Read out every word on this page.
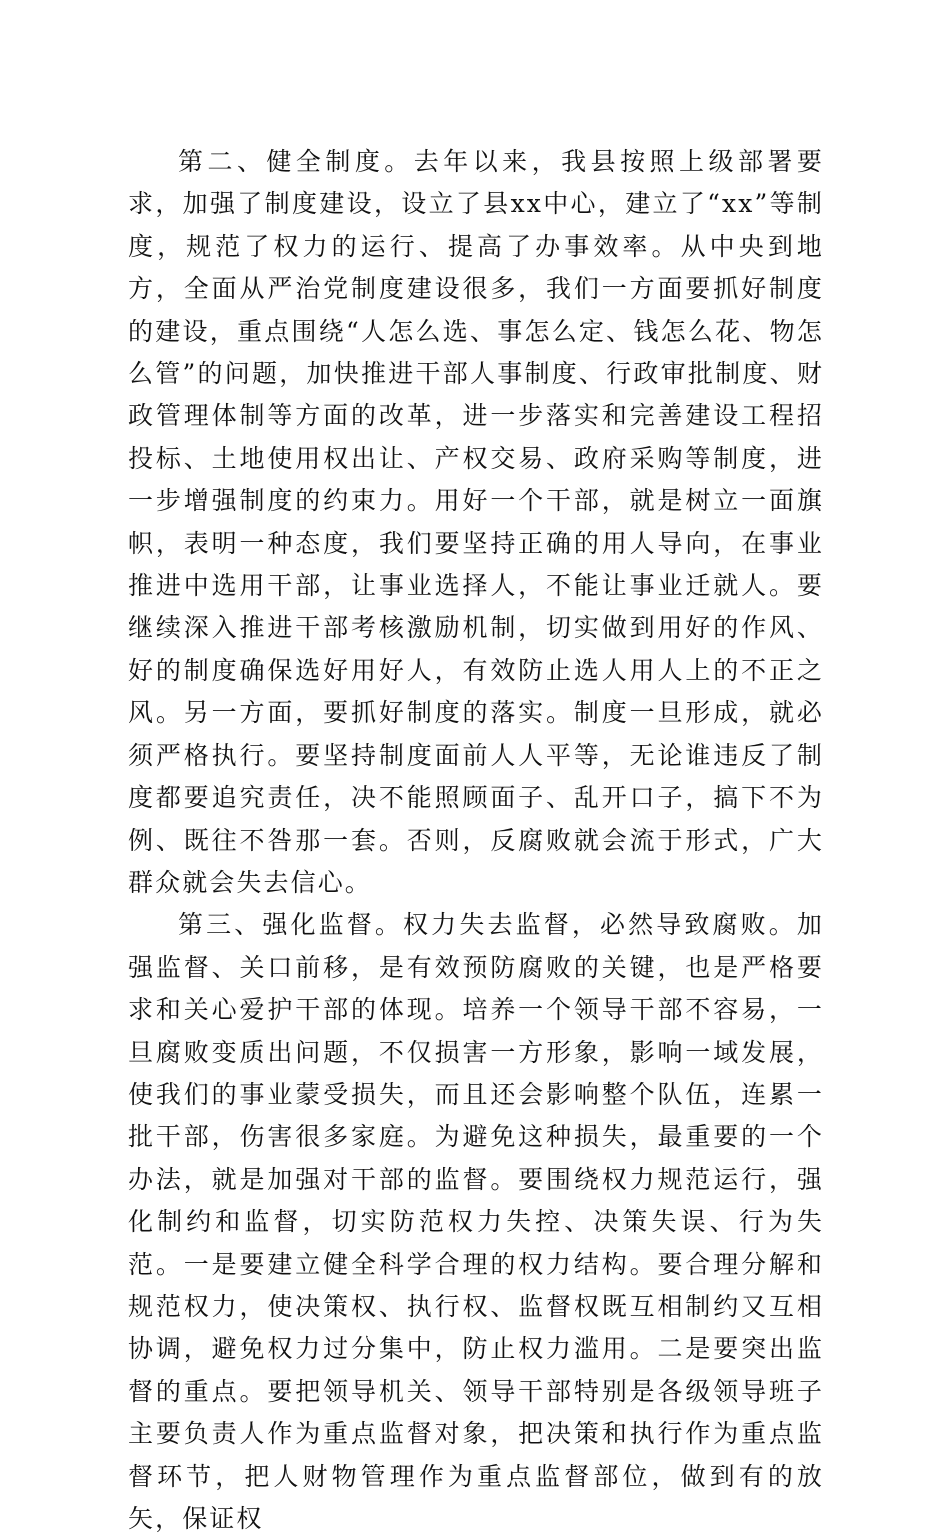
第二、健全制度。去年以来，我县按照上级部署要求，加强了制度建设，设立了县xx中心，建立了“xx”等制度，规范了权力的运行、提高了办事效率。从中央到地方，全面从严治党制度建设很多，我们一方面要抓好制度的建设，重点围绕“人怎么选、事怎么定、钱怎么花、物怎么管”的问题，加快推进干部人事制度、行政审批制度、财政管理体制等方面的改革，进一步落实和完善建设工程招投标、土地使用权出让、产权交易、政府采购等制度，进一步增强制度的约束力。用好一个干部，就是树立一面旗帜，表明一种态度，我们要坚持正确的用人导向，在事业推进中选用干部，让事业选择人，不能让事业迁就人。要继续深入推进干部考核激励机制，切实做到用好的作风、好的制度确保选好用好人，有效防止选人用人上的不正之风。另一方面，要抓好制度的落实。制度一旦形成，就必须严格执行。要坚持制度面前人人平等，无论谁违反了制度都要追究责任，决不能照顾面子、乱开口子，搞下不为例、既往不咎那一套。否则，反腐败就会流于形式，广大群众就会失去信心。

第三、强化监督。权力失去监督，必然导致腐败。加强监督、关口前移，是有效预防腐败的关键，也是严格要求和关心爱护干部的体现。培养一个领导干部不容易，一旦腐败变质出问题，不仅损害一方形象，影响一域发展，使我们的事业蒙受损失，而且还会影响整个队伍，连累一批干部，伤害很多家庭。为避免这种损失，最重要的一个办法，就是加强对干部的监督。要围绕权力规范运行，强化制约和监督，切实防范权力失控、决策失误、行为失范。一是要建立健全科学合理的权力结构。要合理分解和规范权力，使决策权、执行权、监督权既互相制约又互相协调，避免权力过分集中，防止权力滥用。二是要突出监督的重点。要把领导机关、领导干部特别是各级领导班子主要负责人作为重点监督对象，把决策和执行作为重点监督环节，把人财物管理作为重点监督部位，做到有的放矢，保证权
